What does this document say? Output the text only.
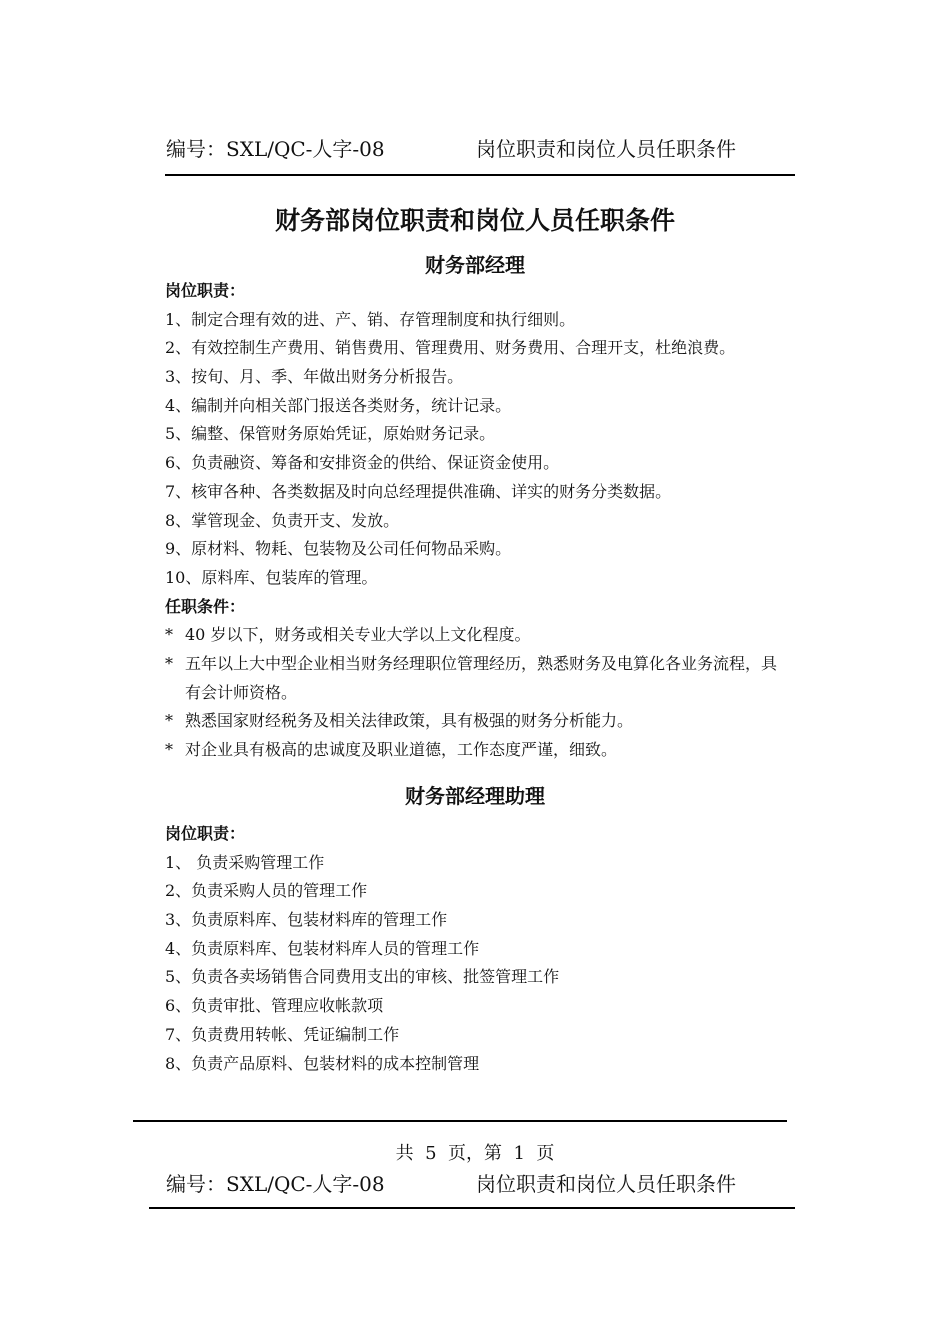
编号：SXL/QC-人字-08	岗位职责和岗位人员任职条件
财务部岗位职责和岗位人员任职条件
财务部经理
岗位职责：
1、制定合理有效的进、产、销、存管理制度和执行细则。
2、有效控制生产费用、销售费用、管理费用、财务费用、合理开支，杜绝浪费。
3、按旬、月、季、年做出财务分析报告。
4、编制并向相关部门报送各类财务，统计记录。
5、编整、保管财务原始凭证，原始财务记录。
6、负责融资、筹备和安排资金的供给、保证资金使用。
7、核审各种、各类数据及时向总经理提供准确、详实的财务分类数据。
8、掌管现金、负责开支、发放。
9、原材料、物耗、包装物及公司任何物品采购。
10、原料库、包装库的管理。
任职条件：
* 40 岁以下，财务或相关专业大学以上文化程度。
* 五年以上大中型企业相当财务经理职位管理经历，熟悉财务及电算化各业务流程，具有会计师资格。
* 熟悉国家财经税务及相关法律政策，具有极强的财务分析能力。
* 对企业具有极高的忠诚度及职业道德，工作态度严谨，细致。
财务部经理助理
岗位职责：
1、 负责采购管理工作
2、负责采购人员的管理工作
3、负责原料库、包装材料库的管理工作
4、负责原料库、包装材料库人员的管理工作
5、负责各卖场销售合同费用支出的审核、批签管理工作
6、负责审批、管理应收帐款项
7、负责费用转帐、凭证编制工作
8、负责产品原料、包装材料的成本控制管理
共  5  页，第  1  页
编号：SXL/QC-人字-08	岗位职责和岗位人员任职条件
